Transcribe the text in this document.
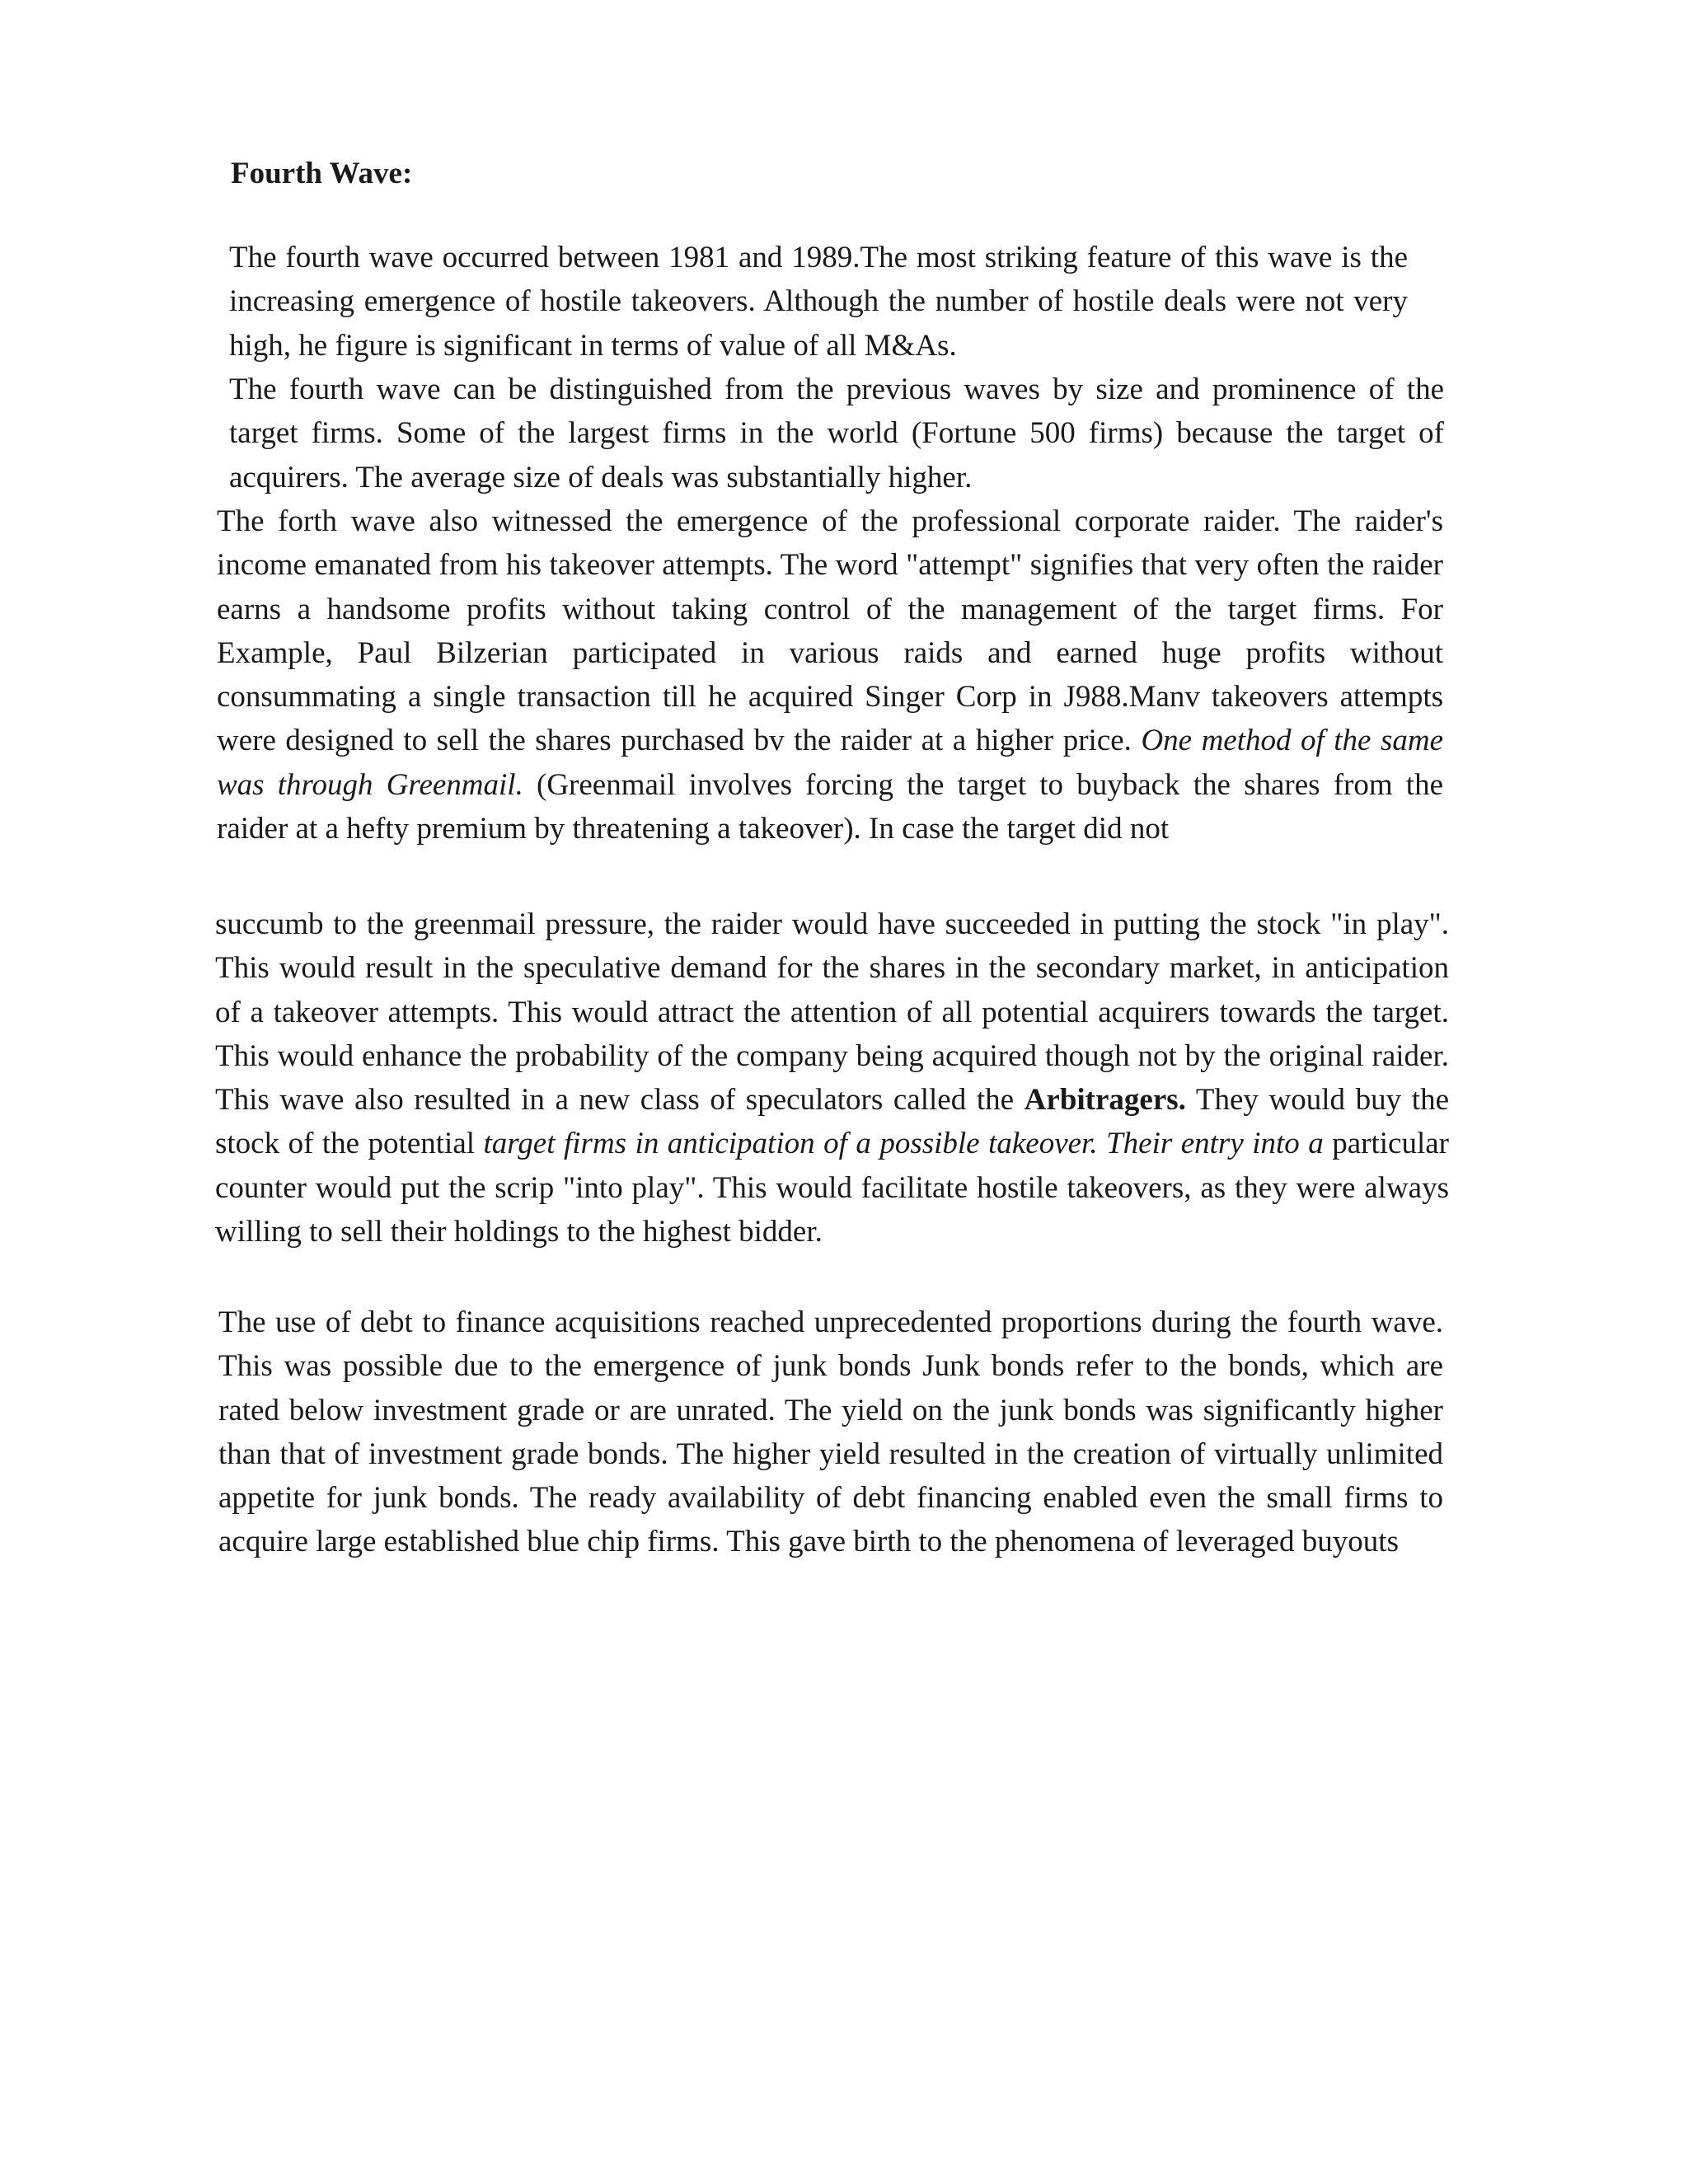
Fourth Wave:

The fourth wave occurred between 1981 and 1989.The most striking feature of this wave is the increasing emergence of hostile takeovers. Although the number of hostile deals were not very high, he figure is significant in terms of value of all M&As.

The fourth wave can be distinguished from the previous waves by size and prominence of the target firms. Some of the largest firms in the world (Fortune 500 firms) because the target of acquirers. The average size of deals was substantially higher.

The forth wave also witnessed the emergence of the professional corporate raider. The raider's income emanated from his takeover attempts. The word "attempt" signifies that very often the raider earns a handsome profits without taking control of the management of the target firms. For Example, Paul Bilzerian participated in various raids and earned huge profits without consummating a single transaction till he acquired Singer Corp in J988.Manv takeovers attempts were designed to sell the shares purchased bv the raider at a higher price. One method of the same was through Greenmail. (Greenmail involves forcing the target to buyback the shares from the raider at a hefty premium by threatening a takeover). In case the target did not

succumb to the greenmail pressure, the raider would have succeeded in putting the stock "in play". This would result in the speculative demand for the shares in the secondary market, in anticipation of a takeover attempts. This would attract the attention of all potential acquirers towards the target. This would enhance the probability of the company being acquired though not by the original raider. This wave also resulted in a new class of speculators called the Arbitragers. They would buy the stock of the potential target firms in anticipation of a possible takeover. Their entry into a particular counter would put the scrip "into play". This would facilitate hostile takeovers, as they were always willing to sell their holdings to the highest bidder.

The use of debt to finance acquisitions reached unprecedented proportions during the fourth wave. This was possible due to the emergence of junk bonds Junk bonds refer to the bonds, which are rated below investment grade or are unrated. The yield on the junk bonds was significantly higher than that of investment grade bonds. The higher yield resulted in the creation of virtually unlimited appetite for junk bonds. The ready availability of debt financing enabled even the small firms to acquire large established blue chip firms. This gave birth to the phenomena of leveraged buyouts
